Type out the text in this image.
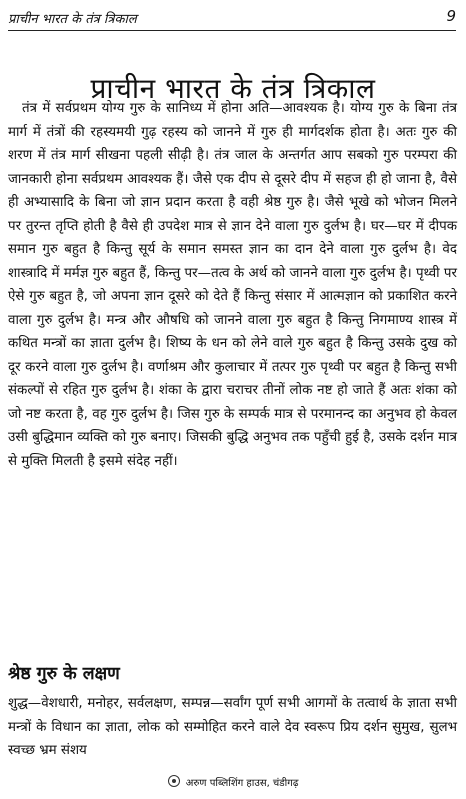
प्राचीन भारत के तंत्र त्रिकाल	9
प्राचीन भारत के तंत्र त्रिकाल

तंत्र में सर्वप्रथम योग्य गुरु के सानिध्य में होना अति—आवश्यक है। योग्य गुरु के बिना तंत्र मार्ग में तंत्रों की रहस्यमयी गुढ़ रहस्य को जानने में गुरु ही मार्गदर्शक होता है। अतः गुरु की शरण में तंत्र मार्ग सीखना पहली सीढ़ी है। तंत्र जाल के अन्तर्गत आप सबको गुरु परम्परा की जानकारी होना सर्वप्रथम आवश्यक हैं। जैसे एक दीप से दूसरे दीप में सहज ही हो जाना है, वैसे ही अभ्यासादि के बिना जो ज्ञान प्रदान करता है वही श्रेष्ठ गुरु है। जैसे भूखे को भोजन मिलने पर तुरन्त तृप्ति होती है वैसे ही उपदेश मात्र से ज्ञान देने वाला गुरु दुर्लभ है। घर—घर में दीपक समान गुरु बहुत है किन्तु सूर्य के समान समस्त ज्ञान का दान देने वाला गुरु दुर्लभ है। वेद शास्त्रादि में मर्मज्ञ गुरु बहुत हैं, किन्तु पर—तत्व के अर्थ को जानने वाला गुरु दुर्लभ है। पृथ्वी पर ऐसे गुरु बहुत है, जो अपना ज्ञान दूसरे को देते हैं किन्तु संसार में आत्मज्ञान को प्रकाशित करने वाला गुरु दुर्लभ है। मन्त्र और औषधि को जानने वाला गुरु बहुत है किन्तु निगमाण्य शास्त्र में कथित मन्त्रों का ज्ञाता दुर्लभ है। शिष्य के धन को लेने वाले गुरु बहुत है किन्तु उसके दुख को दूर करने वाला गुरु दुर्लभ है। वर्णाश्रम और कुलाचार में तत्पर गुरु पृथ्वी पर बहुत है किन्तु सभी संकल्पों से रहित गुरु दुर्लभ है। शंका के द्वारा चराचर तीनों लोक नष्ट हो जाते हैं अतः शंका को जो नष्ट करता है, वह गुरु दुर्लभ है। जिस गुरु के सम्पर्क मात्र से परमानन्द का अनुभव हो केवल उसी बुद्धिमान व्यक्ति को गुरु बनाए। जिसकी बुद्धि अनुभव तक पहुँची हुई है, उसके दर्शन मात्र से मुक्ति मिलती है इसमे संदेह नहीं।

श्रेष्ठ गुरु के लक्षण

शुद्ध—वेशधारी, मनोहर, सर्वलक्षण, सम्पन्न—सर्वांग पूर्ण सभी आगमों के तत्वार्थ के ज्ञाता सभी मन्त्रों के विधान का ज्ञाता, लोक को सम्मोहित करने वाले देव स्वरूप प्रिय दर्शन सुमुख, सुलभ स्वच्छ भ्रम संशय

अरुण पब्लिशिंग हाउस, चंडीगढ़
